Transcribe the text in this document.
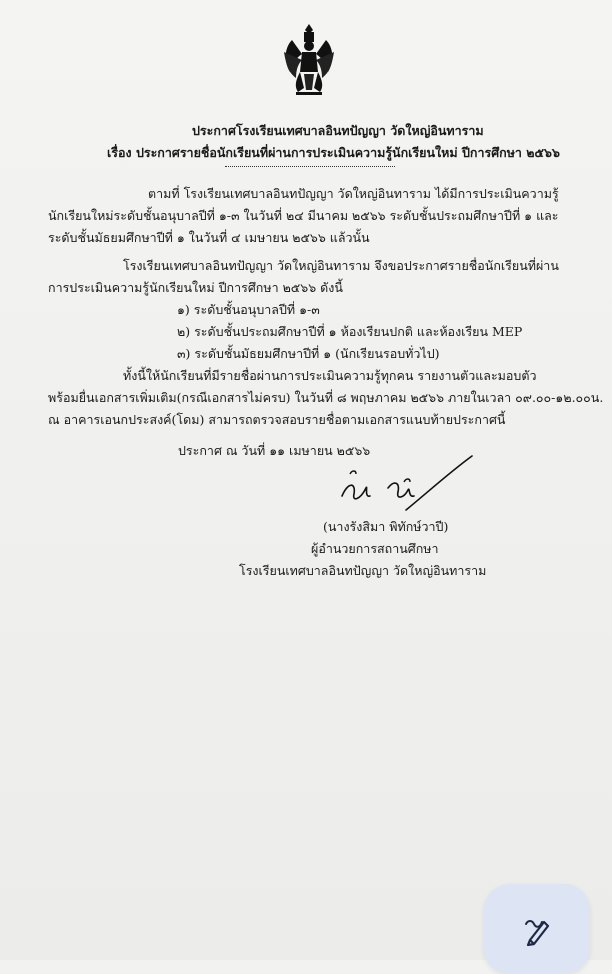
ประกาศโรงเรียนเทศบาลอินทปัญญา วัดใหญ่อินทาราม
เรื่อง ประกาศรายชื่อนักเรียนที่ผ่านการประเมินความรู้นักเรียนใหม่ ปีการศึกษา ๒๕๖๖
ตามที่ โรงเรียนเทศบาลอินทปัญญา วัดใหญ่อินทาราม ได้มีการประเมินความรู้
นักเรียนใหม่ระดับชั้นอนุบาลปีที่ ๑-๓ ในวันที่ ๒๔ มีนาคม ๒๕๖๖ ระดับชั้นประถมศึกษาปีที่ ๑ และ
ระดับชั้นมัธยมศึกษาปีที่ ๑ ในวันที่ ๔ เมษายน ๒๕๖๖ แล้วนั้น
โรงเรียนเทศบาลอินทปัญญา วัดใหญ่อินทาราม จึงขอประกาศรายชื่อนักเรียนที่ผ่าน
การประเมินความรู้นักเรียนใหม่ ปีการศึกษา ๒๕๖๖ ดังนี้
๑) ระดับชั้นอนุบาลปีที่ ๑-๓
๒) ระดับชั้นประถมศึกษาปีที่ ๑ ห้องเรียนปกติ และห้องเรียน MEP
๓) ระดับชั้นมัธยมศึกษาปีที่ ๑ (นักเรียนรอบทั่วไป)
ทั้งนี้ให้นักเรียนที่มีรายชื่อผ่านการประเมินความรู้ทุกคน รายงานตัวและมอบตัว
พร้อมยื่นเอกสารเพิ่มเติม(กรณีเอกสารไม่ครบ) ในวันที่ ๘ พฤษภาคม ๒๕๖๖ ภายในเวลา ๐๙.๐๐-๑๒.๐๐น.
ณ อาคารเอนกประสงค์(โดม) สามารถตรวจสอบรายชื่อตามเอกสารแนบท้ายประกาศนี้
ประกาศ ณ วันที่ ๑๑ เมษายน ๒๕๖๖
(นางรังสิมา พิทักษ์วาปี)
ผู้อำนวยการสถานศึกษา
โรงเรียนเทศบาลอินทปัญญา วัดใหญ่อินทาราม
